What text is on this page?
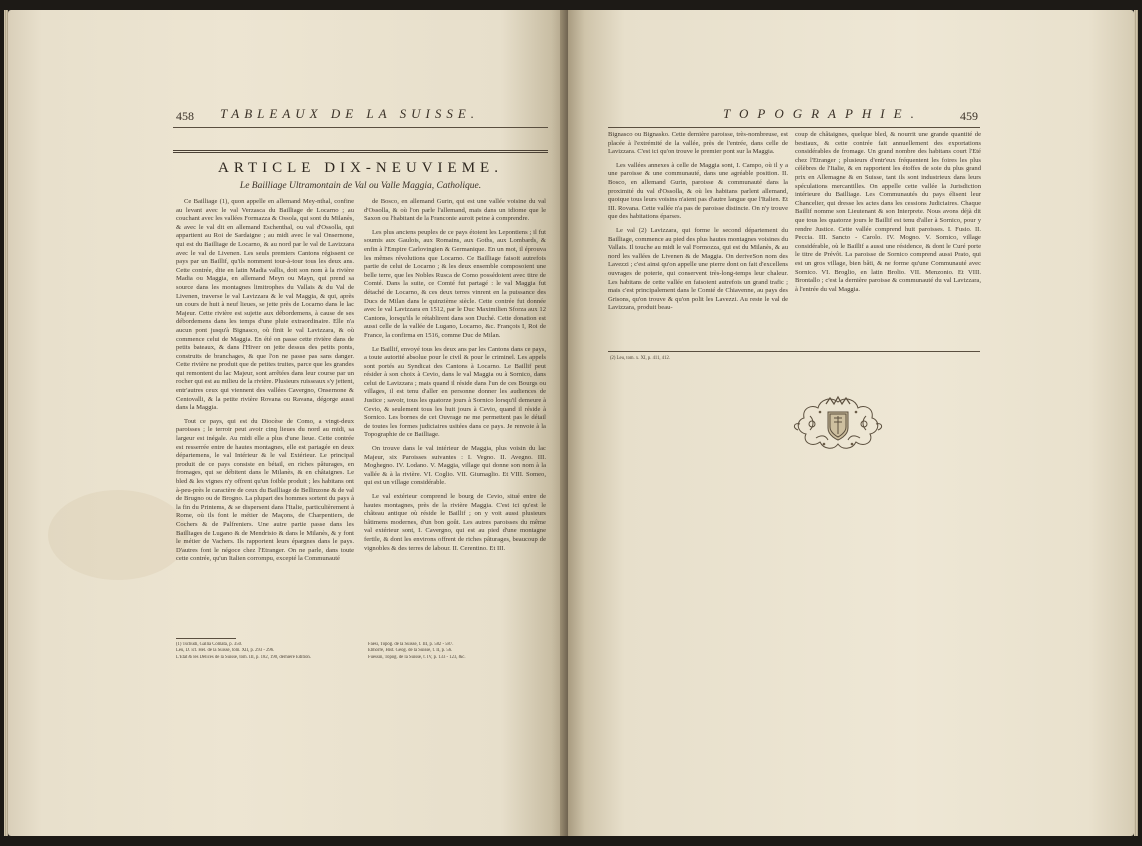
458 TABLEAUX DE LA SUISSE.
ARTICLE DIX-NEUVIEME.
Le Bailliage Ultramontain de Val ou Valle Maggia, Catholique.

Ce Bailliage (1), quon appelle en allemand Mey-nthal, confine au levant avec le val Verzasca du Bailliage de Locarno ; au couchant avec les vallées Formazza & Ossola, qui sont du Milanès, & avec le val dit en allemand Eschenthal, ou val d'Ossolla, qui appartient au Roi de Sardaigne ; au midi avec le val Onsernone, qui est du Bailliage de Locarno, & au nord par le val de Lavizzara avec le val de Livenen. Les seuls premiers Cantons régissent ce pays par un Baillif, qu'ils nomment tour-à-tour tous les deux ans. Cette contrée, dite en latin Madia vallis, doit son nom à la rivière Madia ou Maggia, en allemand Meyn ou Mayn, qui prend sa source dans les montagnes limitrophes du Vallais & du Val de Livenen, traverse le val Lavizzara & le val Maggia, & qui, après un cours de huit à neuf lieues, se jette près de Locarno dans le lac Majeur. Cette rivière est sujette aux débordemens, à cause de ses débordemens dans les temps d'une pluie extraordinaire. Elle n'a aucun pont jusqu'à Bignasco, où finit le val Lavizzara, & où commence celui de Maggia. En été on passe cette rivière dans de petits bateaux, & dans l'Hiver on jette dessus des petits ponts, construits de branchages, & que l'on ne passe pas sans danger. Cette rivière ne produit que de petites truites, parce que les grandes qui remontent du lac Majeur, sont arrêtées dans leur course par un rocher qui est au milieu de la rivière. Plusieurs ruisseaux s'y jettent, entr'autres ceux qui viennent des vallées Cavergno, Onsernone & Centovalli, & la petite rivière Rovana ou Ravana, dégorge aussi dans la Maggia.

Tout ce pays, qui est du Diocèse de Como, a vingt-deux paroisses ; le terroir peut avoir cinq lieues du nord au midi, sa largeur est inégale. Au midi elle a plus d'une lieue. Cette contrée est resserrée entre de hautes montagnes, elle est partagée en deux départemens, le val Intérieur & le val Extérieur. Le principal produit de ce pays consiste en bétail, en riches pâturages, en fromages, qui se débitent dans le Milanès, & en châtaignes. Le bled & les vignes n'y offrent qu'un foible produit ; les habitans ont à-peu-près le caractère de ceux du Bailliage de Bellinzone & de val de Brugno ou de Brogno. La plupart des hommes sortent du pays à la fin du Printems, & se dispersent dans l'Italie, particulièrement à Rome, où ils font le métier de Maçons, de Charpentiers, de Cochers & de Palfreniers. Une autre partie passe dans les Bailliages de Lugano & de Mendrisio & dans le Milanès, & y font le métier de Vachers. Ils rapportent leurs épargnes dans le pays. D'autres font le négoce chez l'Etranger. On ne parle, dans toute cette contrée, qu'un Italien corrompu, excepté la Communauté

de Bosco, en allemand Gurin, qui est une vallée voisine du val d'Ossolla, & où l'on parle l'allemand, mais dans un idiome que le Saxon ou l'habitant de la Franconie auroit peine à comprendre.

Les plus anciens peuples de ce pays étoient les Lepontiens ; il fut soumis aux Gaulois, aux Romains, aux Goths, aux Lombards, & enfin à l'Empire Carlovingien & Germanique. En un mot, il éprouva les mêmes révolutions que Locarno. Ce Bailliage faisoit autrefois partie de celui de Locarno ; & les deux ensemble composoient une belle terre, que les Nobles Rusca de Como possédoient avec titre de Comté. Dans la suite, ce Comté fut partagé : le val Maggia fut détaché de Locarno, & ces deux terres vinrent en la puissance des Ducs de Milan dans le quinzième siècle. Cette contrée fut donnée avec le val Lavizzara en 1512, par le Duc Maximilien Sforza aux 12 Cantons, lorsqu'ils le rétablirent dans son Duché. Cette donation est aussi celle de la vallée de Lugano, Locarno, &c. François I, Roi de France, la confirma en 1516, comme Duc de Milan.

Le Baillif, envoyé tous les deux ans par les Cantons dans ce pays, a toute autorité absolue pour le civil & pour le criminel. Les appels sont portés au Syndicat des Cantons à Locarno. Le Baillif peut résider à son choix à Cevio, dans le val Maggia ou à Sornico, dans celui de Lavizzara ; mais quand il réside dans l'un de ces Bourgs ou villages, il est tenu d'aller en personne donner les audiences de Justice ; savoir, tous les quatorze jours à Sornico lorsqu'il demeure à Cevio, & seulement tous les huit jours à Cevio, quand il réside à Sornico. Les bornes de cet Ouvrage ne me permettent pas le détail de toutes les formes judiciaires usitées dans ce pays. Je renvoie à la Topographie de ce Bailliage.

On trouve dans le val intérieur de Maggia, plus voisin du lac Majeur, six Paroisses suivantes : I. Vegno. II. Avegno. III. Moghegno. IV. Lodano. V. Maggia, village qui donne son nom à la vallée & à la rivière. VI. Coglio. VII. Giumaglio. Et VIII. Someo, qui est un village considérable.

Le val extérieur comprend le bourg de Cevio, situé entre de hautes montagnes, près de la rivière Maggia. C'est ici qu'est le château antique où réside le Baillif ; on y voit aussi plusieurs bâtimens modernes, d'un bon goût. Les autres paroisses du même val extérieur sont, I. Cavergno, qui est au pied d'une montagne fertile, & dont les environs offrent de riches pâturages, beaucoup de vignobles & des terres de labour. II. Cerentino. Et III.

(1) Tschudi, Gallia Comata, p. 350.
Leu, D. ict. Hel. de la Suisse, tom. XII, p. 293 - 296.
L'Etat & les Délices de la Suisse, tom. III, p. 182, 190, dernière Edition.
Faesi, Topog. de la Suisse, t. III, p. 582 - 587.
Ebhorre, Hist. Géog. de la Suisse, t. II, p. 56.
Fuessin, Topog. de la Suisse, t. IV, p. 133 - 123, &c.
TOPOGRAPHIE.	459

Bignasco ou Bignasko. Cette dernière paroisse, très-nombreuse, est placée à l'extrémité de la vallée, près de l'entrée, dans celle de Lavizzara. C'est ici qu'on trouve le premier pont sur la Maggia.

Les vallées annexes à celle de Maggia sont, I. Campo, où il y a une paroisse & une communauté, dans une agréable position. II. Bosco, en allemand Gurin, paroisse & communauté dans la proximité du val d'Ossolla, & où les habitans parlent allemand, quoique tous leurs voisins n'aient pas d'autre langue que l'Italien. Et III. Rovana. Cette vallée n'a pas de paroisse distincte. On n'y trouve que des habitations éparses.

Le val (2) Lavizzara, qui forme le second département du Bailliage, commence au pied des plus hautes montagnes voisines du Vallais. Il touche au midi le val Formozza, qui est du Milanès, & au nord les vallées de Livenen & de Maggia. On deriveSon nom des Lavezzi ; c'est ainsi qu'on appelle une pierre dont on fait d'excellens ouvrages de poterie, qui conservent très-long-temps leur chaleur. Les habitans de cette vallée en faisoient autrefois un grand trafic ; mais c'est principalement dans le Comté de Chiavenne, au pays des Grisons, qu'on trouve & qu'on polit les Lavezzi. Au reste le val de Lavizzara, produit beau-

coup de châtaignes, quelque bled, & nourrit une grande quantité de bestiaux, & cette contrée fait annuellement des exportations considérables de fromage. Un grand nombre des habitans court l'Eté chez l'Etranger ; plusieurs d'entr'eux fréquentent les foires les plus célèbres de l'Italie, & en rapportent les étoffes de soie du plus grand prix en Allemagne & en Suisse, tant ils sont industrieux dans leurs spéculations mercantilles. On appelle cette vallée la Jurisdiction intérieure du Bailliage. Les Communautés du pays élisent leur Chancelier, qui dresse les actes dans les cessions Judiciaires. Chaque Baillif nomme son Lieutenant & son Interprete. Nous avons déjà dit que tous les quatorze jours le Baillif est tenu d'aller à Sornico, pour y rendre Justice. Cette vallée comprend huit paroisses. I. Fusio. II. Peccia. III. Sancto - Carolo. IV. Mogno. V. Sornico, village considérable, où le Baillif a aussi une résidence, & dont le Curé porte le titre de Prévôt. La paroisse de Sornico comprend aussi Prato, qui est un gros village, bien bâti, & ne forme qu'une Communauté avec Sornico. VI. Broglio, en latin Brolio. VII. Menzonio. Et VIII. Brontallo ; c'est la dernière paroisse & communauté du val Lavizzara, à l'entrée du val Maggia.

(2) Leu, tom. x. XI, p. 411, 412.
